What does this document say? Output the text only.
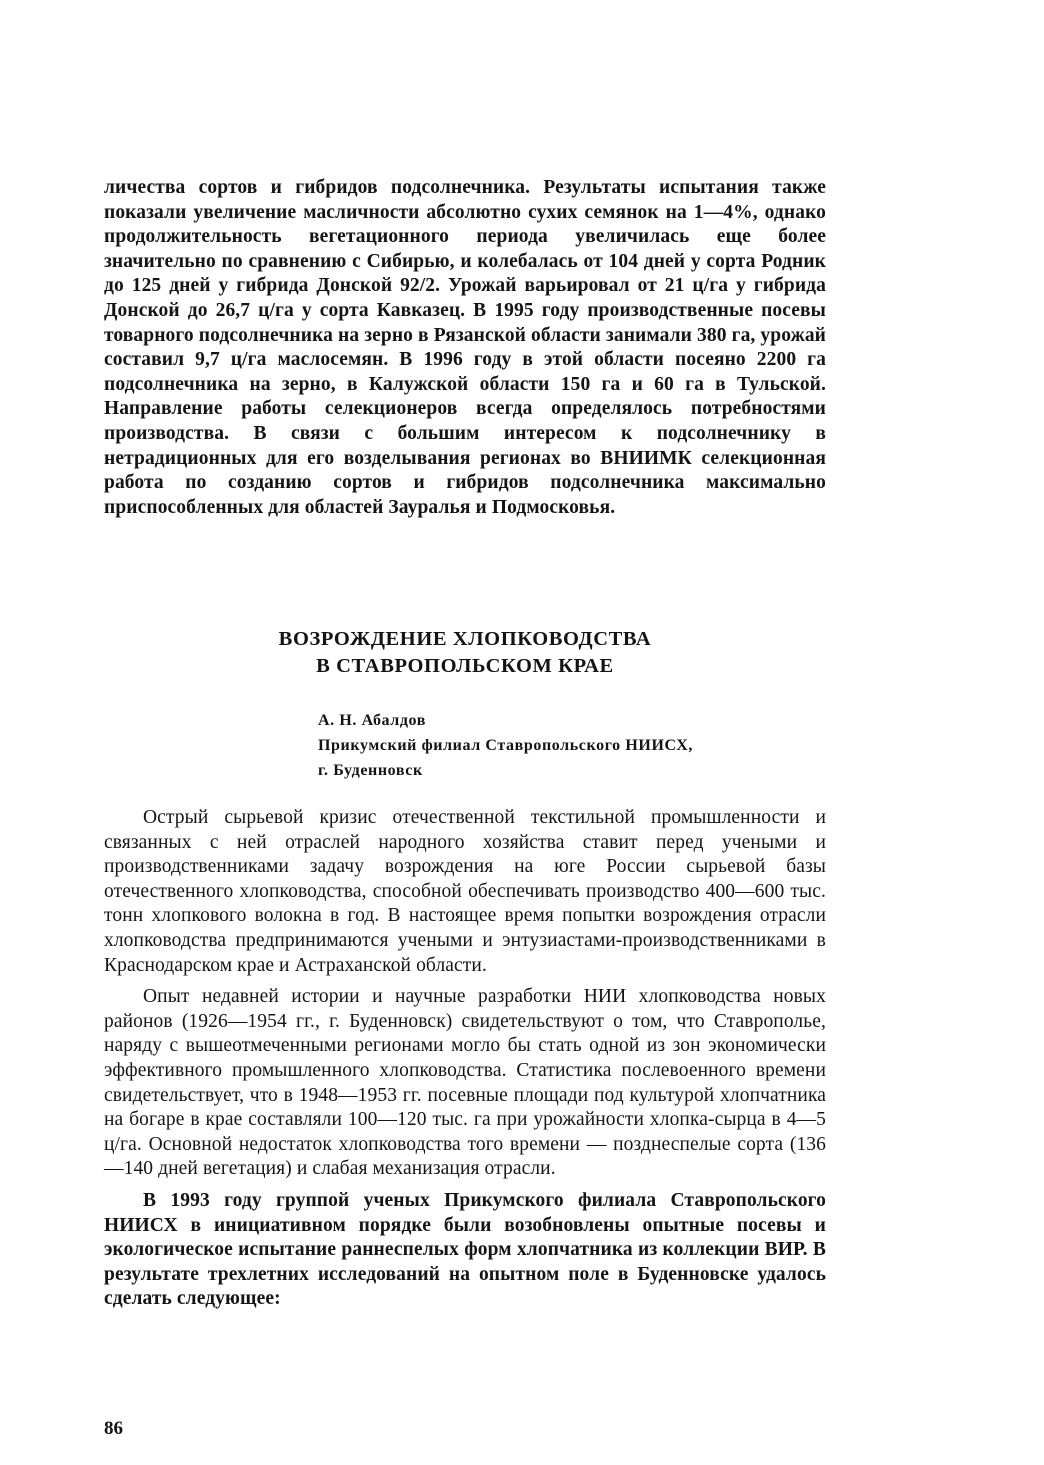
личества сортов и гибридов подсолнечника. Результаты испытания также показали увеличение масличности абсолютно сухих семянок на 1—4%, однако продолжительность вегетационного периода увеличилась еще более значительно по сравнению с Сибирью, и колебалась от 104 дней у сорта Родник до 125 дней у гибрида Донской 92/2. Урожай варьировал от 21 ц/га у гибрида Донской до 26,7 ц/га у сорта Кавказец. В 1995 году производственные посевы товарного подсолнечника на зерно в Рязанской области занимали 380 га, урожай составил 9,7 ц/га маслосемян. В 1996 году в этой области посеяно 2200 га подсолнечника на зерно, в Калужской области 150 га и 60 га в Тульской. Направление работы селекционеров всегда определялось потребностями производства. В связи с большим интересом к подсолнечнику в нетрадиционных для его возделывания регионах во ВНИИМК селекционная работа по созданию сортов и гибридов подсолнечника максимально приспособленных для областей Зауралья и Подмосковья.

ВОЗРОЖДЕНИЕ ХЛОПКОВОДСТВА
В СТАВРОПОЛЬСКОМ КРАЕ
А. Н. Абалдов
Прикумский филиал Ставропольского НИИСХ,
г. Буденновск

Острый сырьевой кризис отечественной текстильной промышленности и связанных с ней отраслей народного хозяйства ставит перед учеными и производственниками задачу возрождения на юге России сырьевой базы отечественного хлопководства, способной обеспечивать производство 400—600 тыс. тонн хлопкового волокна в год. В настоящее время попытки возрождения отрасли хлопководства предпринимаются учеными и энтузиастами-производственниками в Краснодарском крае и Астраханской области.

Опыт недавней истории и научные разработки НИИ хлопководства новых районов (1926—1954 гг., г. Буденновск) свидетельствуют о том, что Ставрополье, наряду с вышеотмеченными регионами могло бы стать одной из зон экономически эффективного промышленного хлопководства. Статистика послевоенного времени свидетельствует, что в 1948—1953 гг. посевные площади под культурой хлопчатника на богаре в крае составляли 100—120 тыс. га при урожайности хлопка-сырца в 4—5 ц/га. Основной недостаток хлопководства того времени — позднеспелые сорта (136—140 дней вегетация) и слабая механизация отрасли.

В 1993 году группой ученых Прикумского филиала Ставропольского НИИСХ в инициативном порядке были возобновлены опытные посевы и экологическое испытание раннеспелых форм хлопчатника из коллекции ВИР. В результате трехлетних исследований на опытном поле в Буденновске удалось сделать следующее:

86
